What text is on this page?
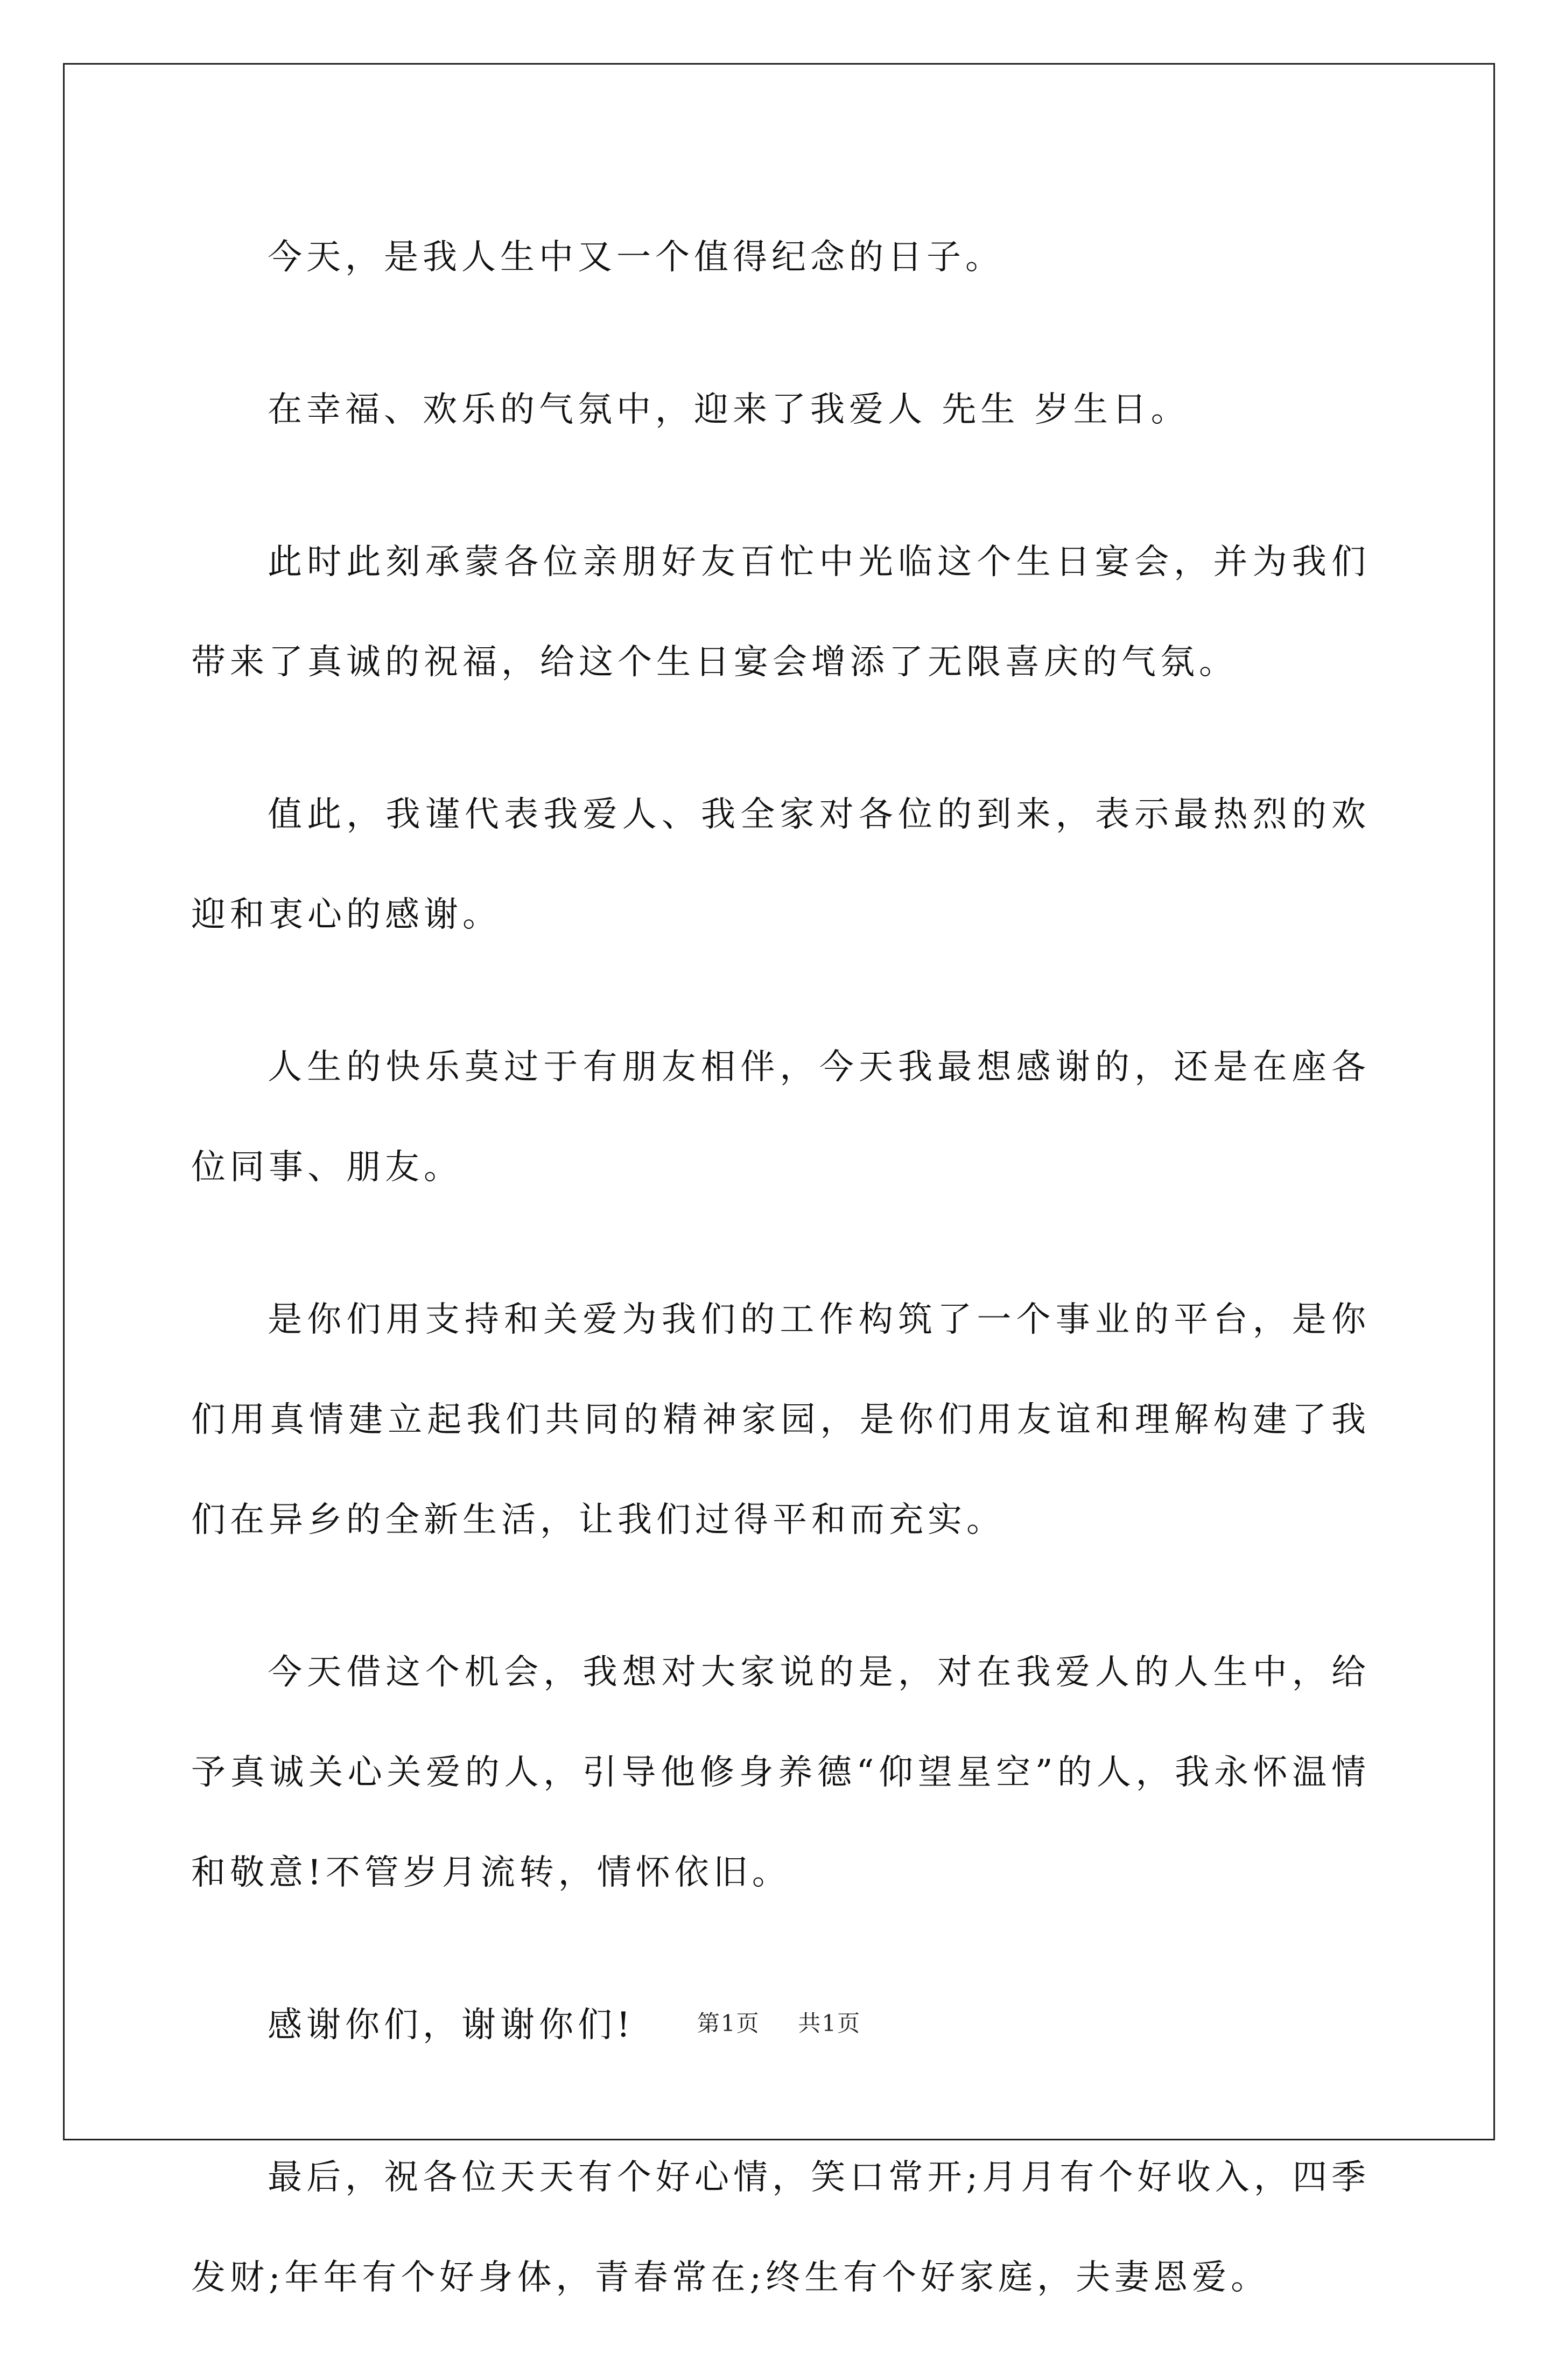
今天，是我人生中又一个值得纪念的日子。

在幸福、欢乐的气氛中，迎来了我爱人 先生 岁生日。

此时此刻承蒙各位亲朋好友百忙中光临这个生日宴会，并为我们带来了真诚的祝福，给这个生日宴会增添了无限喜庆的气氛。

值此，我谨代表我爱人、我全家对各位的到来，表示最热烈的欢迎和衷心的感谢。

人生的快乐莫过于有朋友相伴，今天我最想感谢的，还是在座各位同事、朋友。

是你们用支持和关爱为我们的工作构筑了一个事业的平台，是你们用真情建立起我们共同的精神家园，是你们用友谊和理解构建了我们在异乡的全新生活，让我们过得平和而充实。

今天借这个机会，我想对大家说的是，对在我爱人的人生中，给予真诚关心关爱的人，引导他修身养德“仰望星空”的人，我永怀温情和敬意!不管岁月流转，情怀依旧。

感谢你们，谢谢你们!

最后，祝各位天天有个好心情，笑口常开;月月有个好收入，四季发财;年年有个好身体，青春常在;终生有个好家庭，夫妻恩爱。

第1页 共1页
